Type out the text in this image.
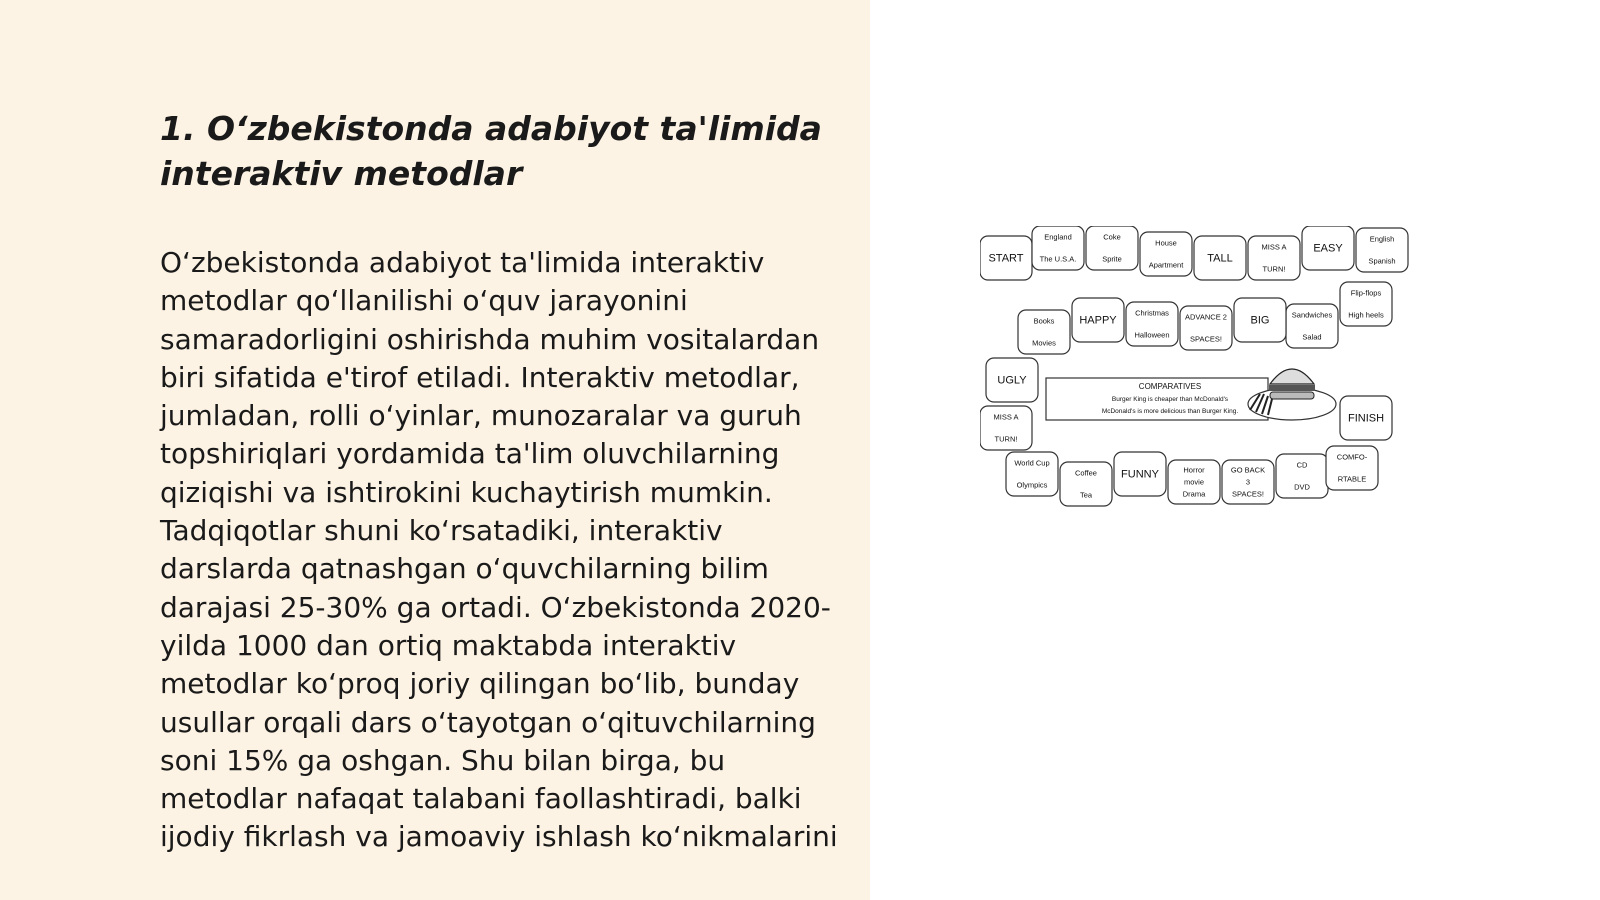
1. O‘zbekistonda adabiyot ta'limida interaktiv metodlar

O‘zbekistonda adabiyot ta'limida interaktiv metodlar qo‘llanilishi o‘quv jarayonini samaradorligini oshirishda muhim vositalardan biri sifatida e'tirof etiladi. Interaktiv metodlar, jumladan, rolli o‘yinlar, munozaralar va guruh topshiriqlari yordamida ta'lim oluvchilarning qiziqishi va ishtirokini kuchaytirish mumkin. Tadqiqotlar shuni ko‘rsatadiki, interaktiv darslarda qatnashgan o‘quvchilarning bilim darajasi 25-30% ga ortadi. O‘zbekistonda 2020-yilda 1000 dan ortiq maktabda interaktiv metodlar ko‘proq joriy qilingan bo‘lib, bunday usullar orqali dars o‘tayotgan o‘qituvchilarning soni 15% ga oshgan. Shu bilan birga, bu metodlar nafaqat talabani faollashtiradi, balki ijodiy fikrlash va jamoaviy ishlash ko‘nikmalarini

START
England
The U.S.A.
Coke
Sprite
House
Apartment
TALL
MISS A
TURN!
EASY
English
Spanish
Flip-flops
High heels
Sandwiches
Salad
BIG
ADVANCE 2
SPACES!
Christmas
Halloween
HAPPY
Books
Movies
UGLY
MISS A
TURN!
World Cup
Olympics
Coffee
Tea
FUNNY	Horror
movie
Drama
GO BACK
3
SPACES!
CD
DVD
COMFO-
RTABLE
FINISH
COMPARATIVES
Burger King is cheaper than McDonald's
McDonald's is more delicious than Burger King.
